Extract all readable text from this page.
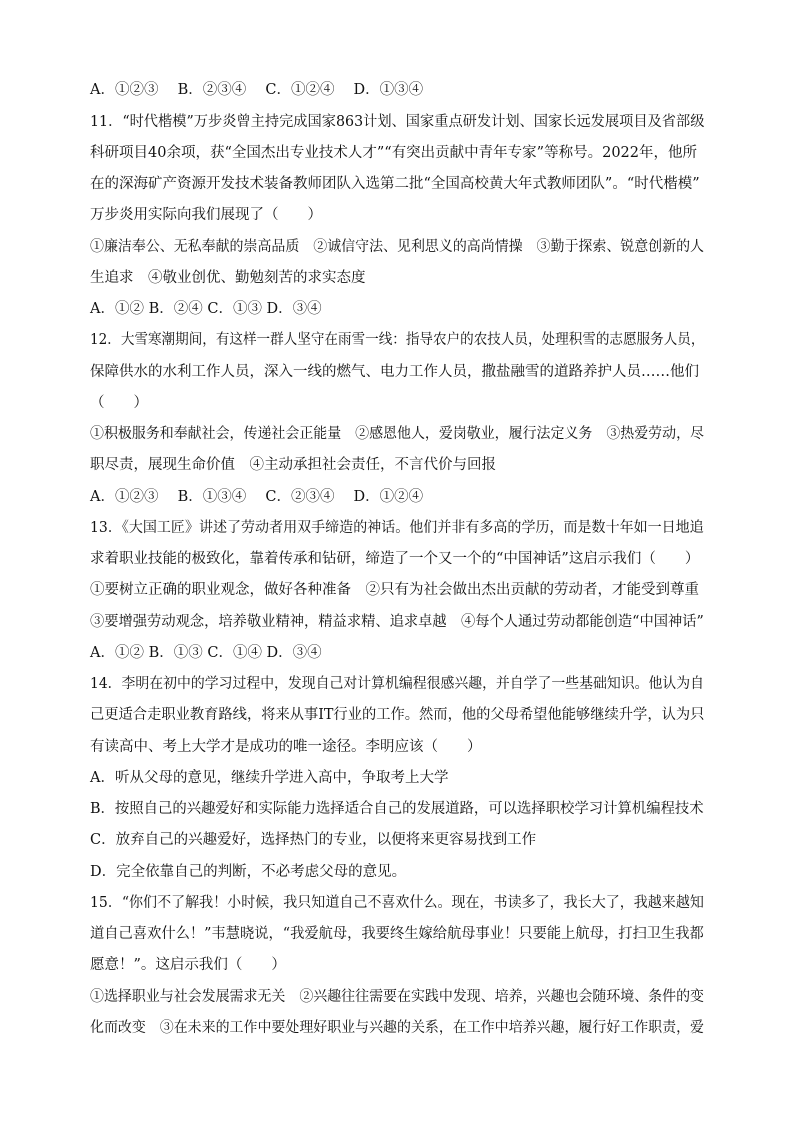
A．①②③　 B．②③④　 C．①②④　 D．①③④
11．“时代楷模”万步炎曾主持完成国家863计划、国家重点研发计划、国家长远发展项目及省部级
科研项目40余项，获“全国杰出专业技术人才”“有突出贡献中青年专家”等称号。2022年，他所
在的深海矿产资源开发技术装备教师团队入选第二批“全国高校黄大年式教师团队”。“时代楷模”
万步炎用实际向我们展现了（　　）
①廉洁奉公、无私奉献的崇高品质　②诚信守法、见利思义的高尚情操　③勤于探索、锐意创新的人
生追求　④敬业创优、勤勉刻苦的求实态度
A．①② B．②④ C．①③ D．③④
12．大雪寒潮期间，有这样一群人坚守在雨雪一线：指导农户的农技人员，处理积雪的志愿服务人员，
保障供水的水利工作人员，深入一线的燃气、电力工作人员，撒盐融雪的道路养护人员……他们
（　　）
①积极服务和奉献社会，传递社会正能量　②感恩他人，爱岗敬业，履行法定义务　③热爱劳动，尽
职尽责，展现生命价值　④主动承担社会责任，不言代价与回报
A．①②③　 B．①③④　 C．②③④　 D．①②④
13．《大国工匠》讲述了劳动者用双手缔造的神话。他们并非有多高的学历，而是数十年如一日地追
求着职业技能的极致化，靠着传承和钻研，缔造了一个又一个的“中国神话”这启示我们（　　）
①要树立正确的职业观念，做好各种准备　②只有为社会做出杰出贡献的劳动者，才能受到尊重
③要增强劳动观念，培养敬业精神，精益求精、追求卓越　④每个人通过劳动都能创造“中国神话”
A．①② B．①③ C．①④ D．③④
14．李明在初中的学习过程中，发现自己对计算机编程很感兴趣，并自学了一些基础知识。他认为自
己更适合走职业教育路线，将来从事IT行业的工作。然而，他的父母希望他能够继续升学，认为只
有读高中、考上大学才是成功的唯一途径。李明应该（　　）
A．听从父母的意见，继续升学进入高中，争取考上大学
B．按照自己的兴趣爱好和实际能力选择适合自己的发展道路，可以选择职校学习计算机编程技术
C．放弃自己的兴趣爱好，选择热门的专业，以便将来更容易找到工作
D．完全依靠自己的判断，不必考虑父母的意见。
15．“你们不了解我！小时候，我只知道自己不喜欢什么。现在，书读多了，我长大了，我越来越知
道自己喜欢什么！”韦慧晓说，“我爱航母，我要终生嫁给航母事业！只要能上航母，打扫卫生我都
愿意！”。这启示我们（　　）
①选择职业与社会发展需求无关　②兴趣往往需要在实践中发现、培养，兴趣也会随环境、条件的变
化而改变　③在未来的工作中要处理好职业与兴趣的关系，在工作中培养兴趣，履行好工作职责，爱
